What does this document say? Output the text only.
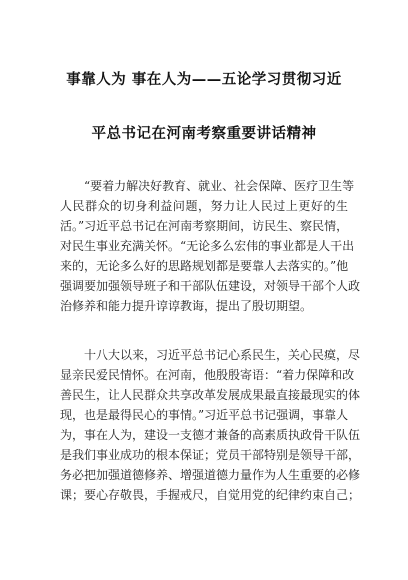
事靠人为 事在人为——五论学习贯彻习近
平总书记在河南考察重要讲话精神
“要着力解决好教育、就业、社会保障、医疗卫生等
人民群众的切身利益问题，努力让人民过上更好的生
活。”习近平总书记在河南考察期间，访民生、察民情，
对民生事业充满关怀。“无论多么宏伟的事业都是人干出
来的，无论多么好的思路规划都是要靠人去落实的。”他
强调要加强领导班子和干部队伍建设，对领导干部个人政
治修养和能力提升谆谆教诲，提出了殷切期望。
十八大以来，习近平总书记心系民生，关心民瘼，尽
显亲民爱民情怀。在河南，他殷殷寄语：“着力保障和改
善民生，让人民群众共享改革发展成果最直接最现实的体
现，也是最得民心的事情。”习近平总书记强调，事靠人
为，事在人为，建设一支德才兼备的高素质执政骨干队伍
是我们事业成功的根本保证；党员干部特别是领导干部，
务必把加强道德修养、增强道德力量作为人生重要的必修
课；要心存敬畏，手握戒尺，自觉用党的纪律约束自己；
